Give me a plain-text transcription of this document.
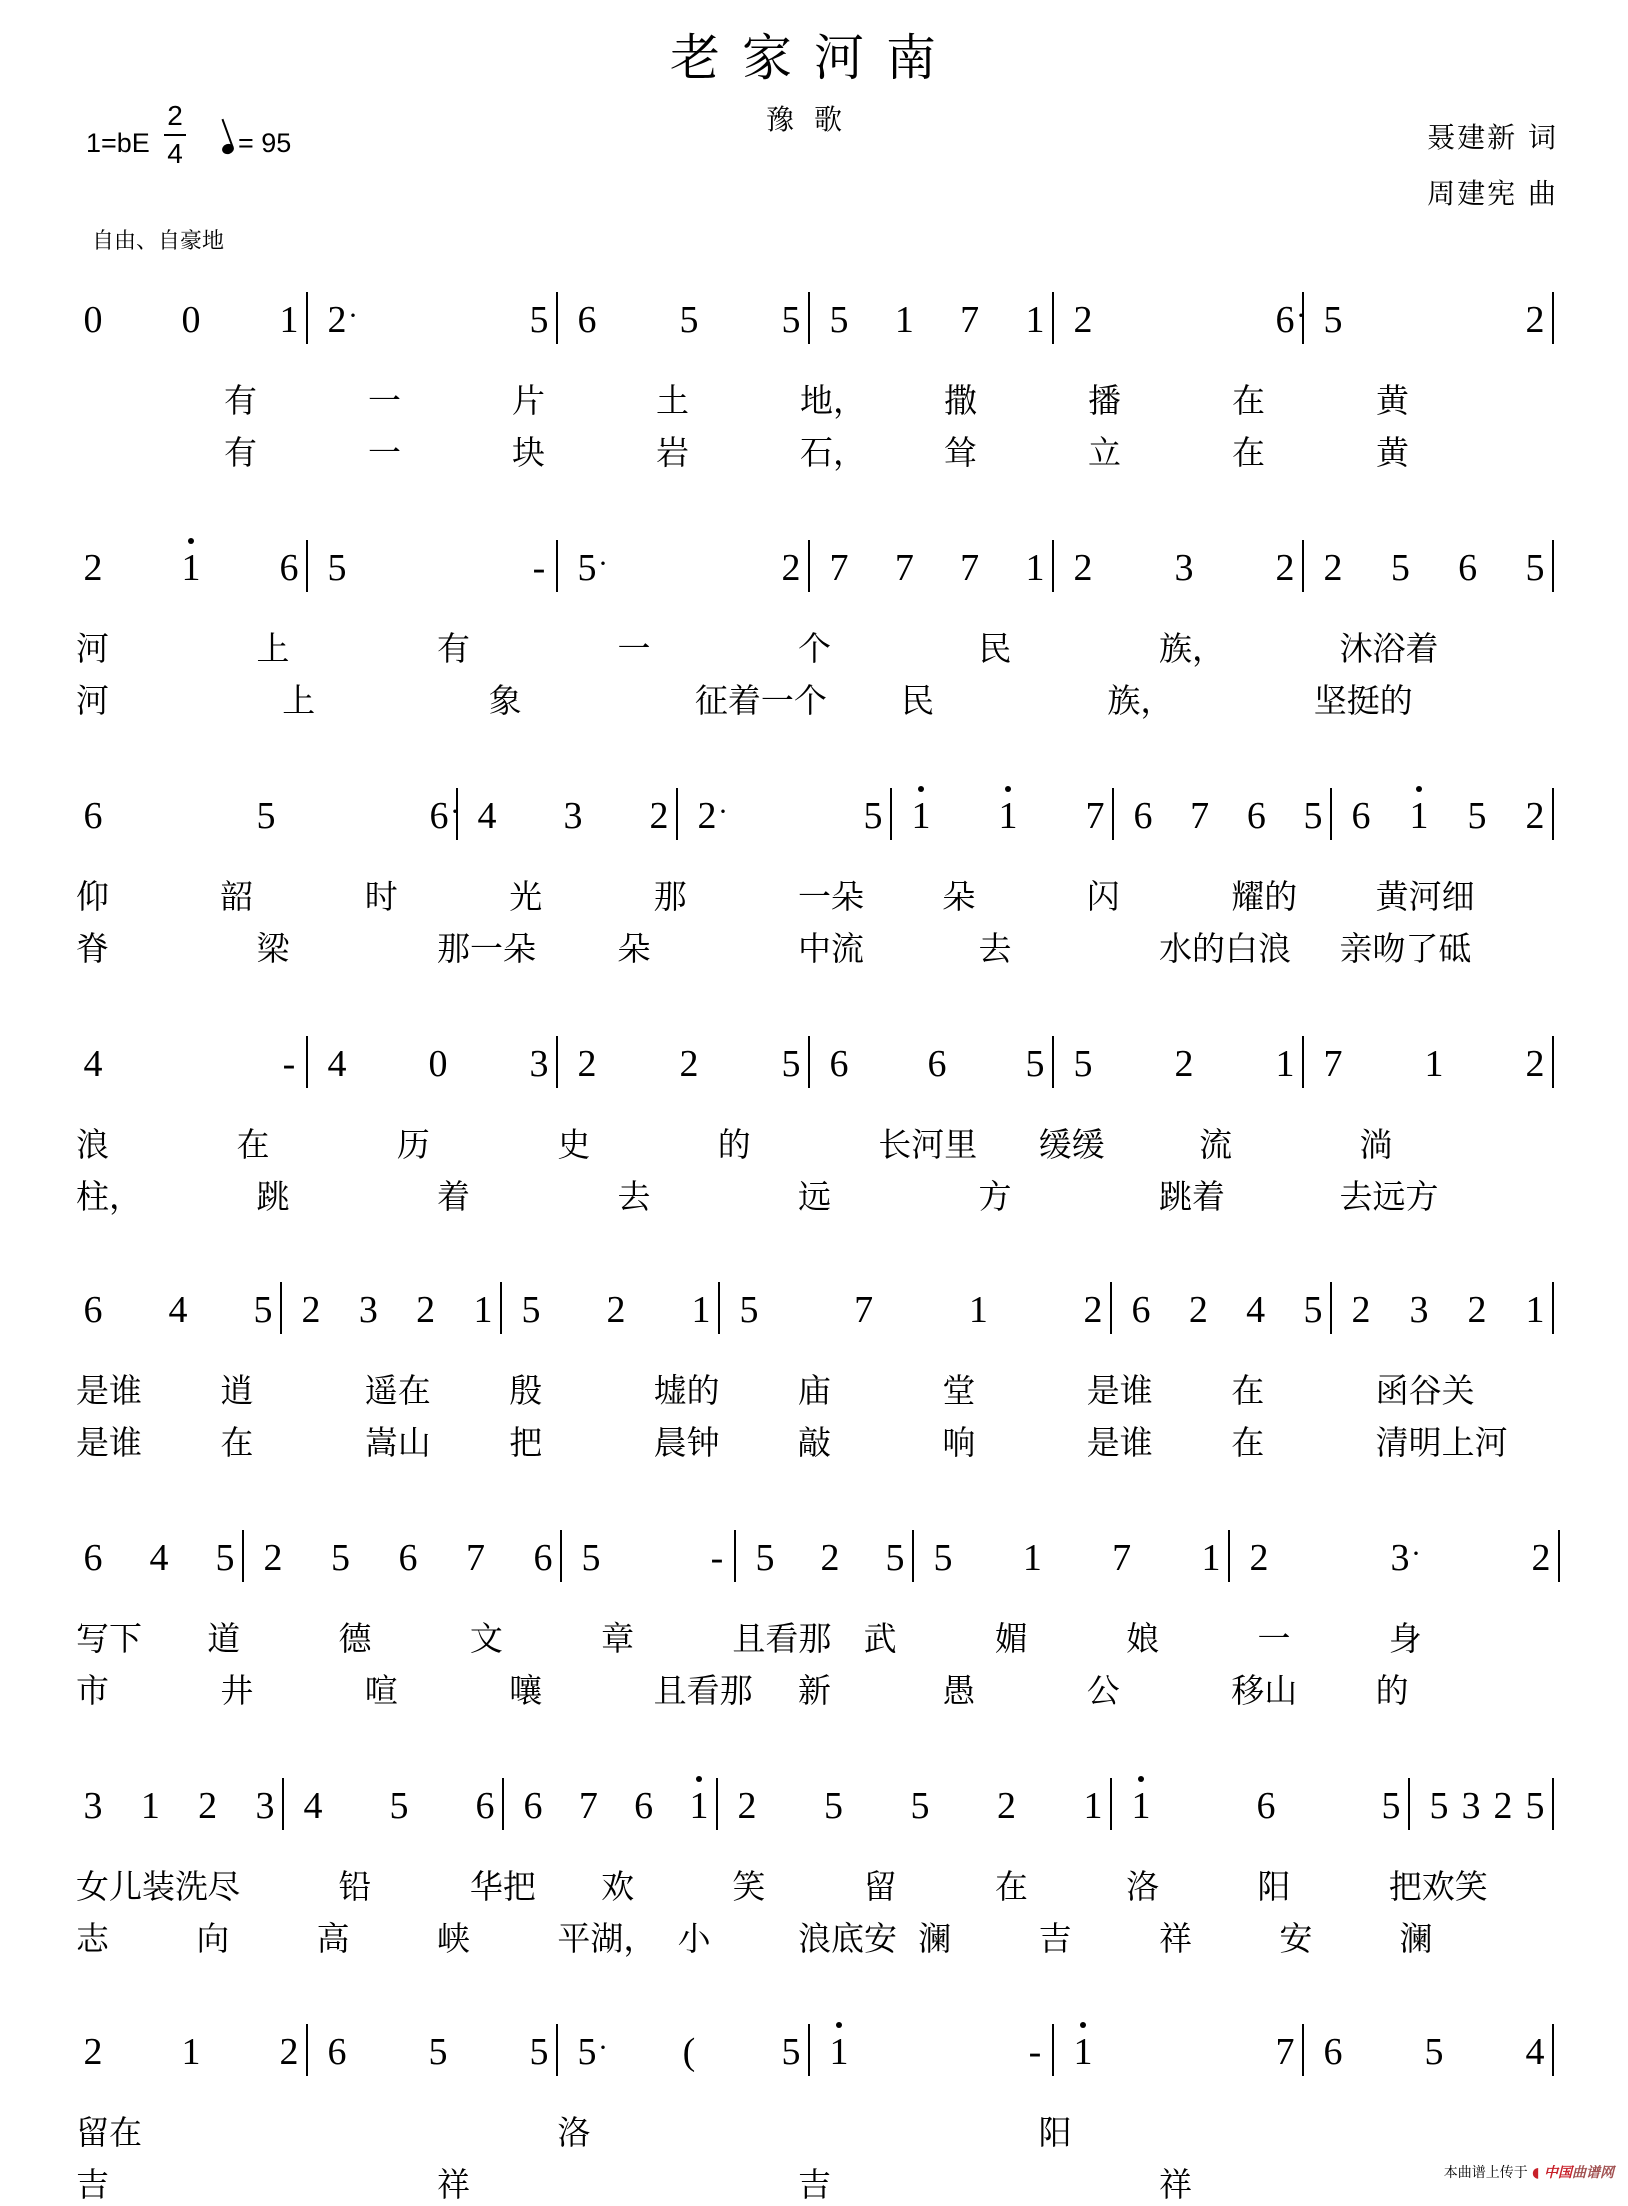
老家河南
豫歌
1=bE
2
4	= 95	聂建新 词
周建宪 曲
自由、自豪地
0 0 1 2 ·	5 6 5 5 5 1 7 1 2	6 · 5	2
2 1 6 5	- 5 ·	2 7 7 7 1 2 3 2 2 5 6 5
6	5	6 · 4 3 2 2 ·	5 1 1 7 6 7 6 5 6 1 5 2
4	- 4 0 3 2 2 5 6 6 5 5 2 1 7 1 2
6 4 5 2 3 2 1 5 2 1 5	7	1	2 6 2 4 5 2 3 2 1
6 4 5 2 5 6 7 6 5	- 5 2 5 5 1 7 1 2	3 ·	2
3 1 2 3 4 5 6 6 7 6 1 2 5 5 2 1 1	6	5 5 3 2 5
2 1 2 6 5 5 5 · ( 5 1	- 1	7 6 5 4
有	一	片	土	地， 撒	播	在	黄
有	一	块	岩	石， 耸	立	在	黄
河	上	有	一	个	民	族，	沐浴着
河	上	象	征着一个 民	族，	坚挺的
仰	韶	时	光	那	一朵 朵	闪	耀的 黄河细
脊	梁	那一朵 朵	中流	去	水的白浪 亲吻了砥
浪	在	历	史	的	长河里 缓缓	流	淌
柱，	跳	着	去	远	方	跳着	去远方
是谁 逍	遥在 殷	墟的 庙	堂	是谁 在	函谷关
是谁 在	嵩山 把	晨钟 敲	响	是谁 在	清明上河
写下 道	德	文	章	且看那 武	媚	娘	一	身
市	井	喧	嚷	且看那 新	愚	公	移山 的
女儿装洗 尽	铅	华把 欢	笑	留	在	洛	阳	把欢笑
志	向	高	峡	平湖， 小	浪底安 澜	吉	祥	安	澜
留在	洛	阳
吉	祥	吉	祥	本曲谱上传于 ◖ 中国曲谱网
